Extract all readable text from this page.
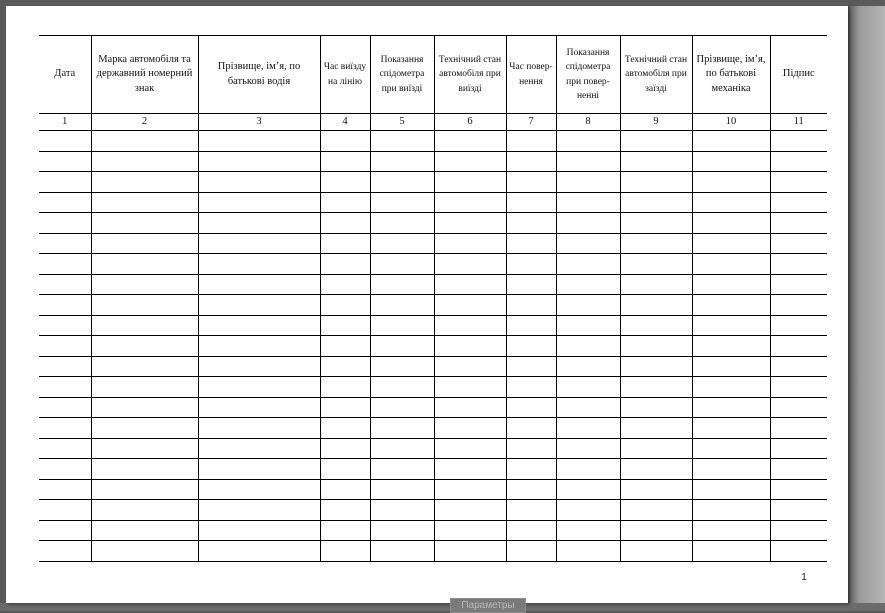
Дата	Марка автомобіля та державний номерний знак	Прізвище, ім’я, по батькові водія	Час виїзду на лінію	Показання спідометра при виїзді	Технічний стан автомобіля при виїзді	Час повер-нення	Показання спідометра при повер-ненні	Технічний стан автомобіля при заїзді	Прізвище, ім’я, по батькові механіка	Підпис
1	2	3	4	5	6	7	8	9	10	11

1
Параметры
